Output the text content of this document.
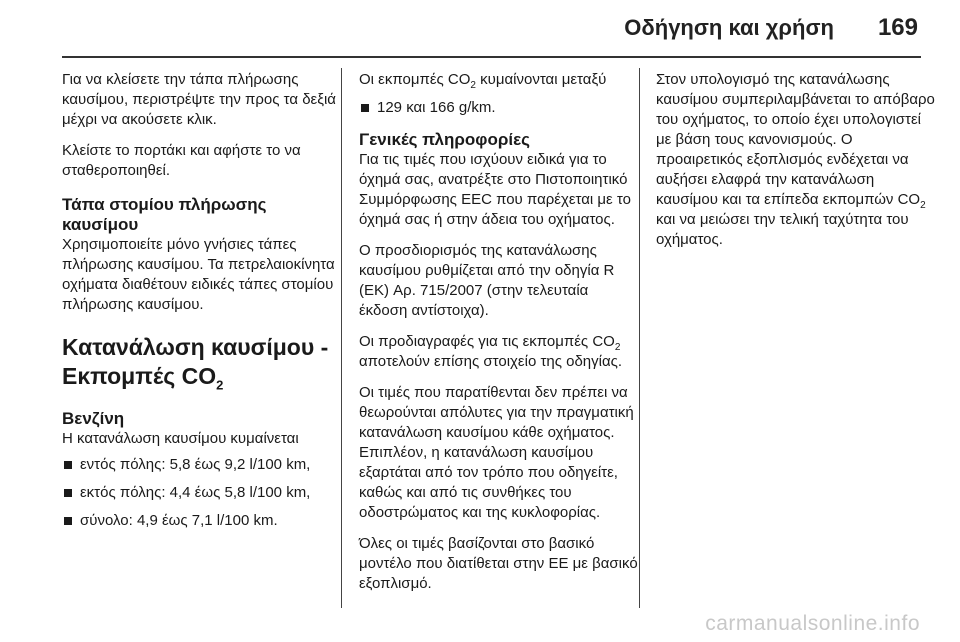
Οδήγηση και χρήση 169

Για να κλείσετε την τάπα πλήρωσης καυσίμου, περιστρέψτε την προς τα δεξιά μέχρι να ακούσετε κλικ.

Κλείστε το πορτάκι και αφήστε το να σταθεροποιηθεί.

Τάπα στομίου πλήρωσης καυσίμου

Χρησιμοποιείτε μόνο γνήσιες τάπες πλήρωσης καυσίμου. Τα πετρελαιοκίνητα οχήματα διαθέτουν ειδικές τάπες στομίου πλήρωσης καυσίμου.

Κατανάλωση καυσίμου - Εκπομπές $CO_2$
Βενζίνη

Η κατανάλωση καυσίμου κυμαίνεται

εντός πόλης: 5,8 έως 9,2 l/100 km,
εκτός πόλης: 4,4 έως 5,8 l/100 km,
σύνολο: 4,9 έως 7,1 l/100 km.

Οι εκπομπές $CO_2$ κυμαίνονται μεταξύ

129 και 166 g/km.
Γενικές πληροφορίες

Για τις τιμές που ισχύουν ειδικά για το όχημά σας, ανατρέξτε στο Πιστοποιητικό Συμμόρφωσης ΕΕC που παρέχεται με το όχημά σας ή στην άδεια του οχήματος.

Ο προσδιορισμός της κατανάλωσης καυσίμου ρυθμίζεται από την οδηγία R (ΕΚ) Αρ. 715/2007 (στην τελευταία έκδοση αντίστοιχα).

Οι προδιαγραφές για τις εκπομπές $CO_2$ αποτελούν επίσης στοιχείο της οδηγίας.

Οι τιμές που παρατίθενται δεν πρέπει να θεωρούνται απόλυτες για την πραγματική κατανάλωση καυσίμου κάθε οχήματος. Επιπλέον, η κατανάλωση καυσίμου εξαρτάται από τον τρόπο που οδηγείτε, καθώς και από τις συνθήκες του οδοστρώματος και της κυκλοφορίας.

Όλες οι τιμές βασίζονται στο βασικό μοντέλο που διατίθεται στην ΕΕ με βασικό εξοπλισμό.

Στον υπολογισμό της κατανάλωσης καυσίμου συμπεριλαμβάνεται το απόβαρο του οχήματος, το οποίο έχει υπολογιστεί με βάση τους κανονισμούς. Ο προαιρετικός εξοπλισμός ενδέχεται να αυξήσει ελαφρά την κατανάλωση καυσίμου και τα επίπεδα εκπομπών $CO_2$ και να μειώσει την τελική ταχύτητα του οχήματος.

carmanualsonline.info
